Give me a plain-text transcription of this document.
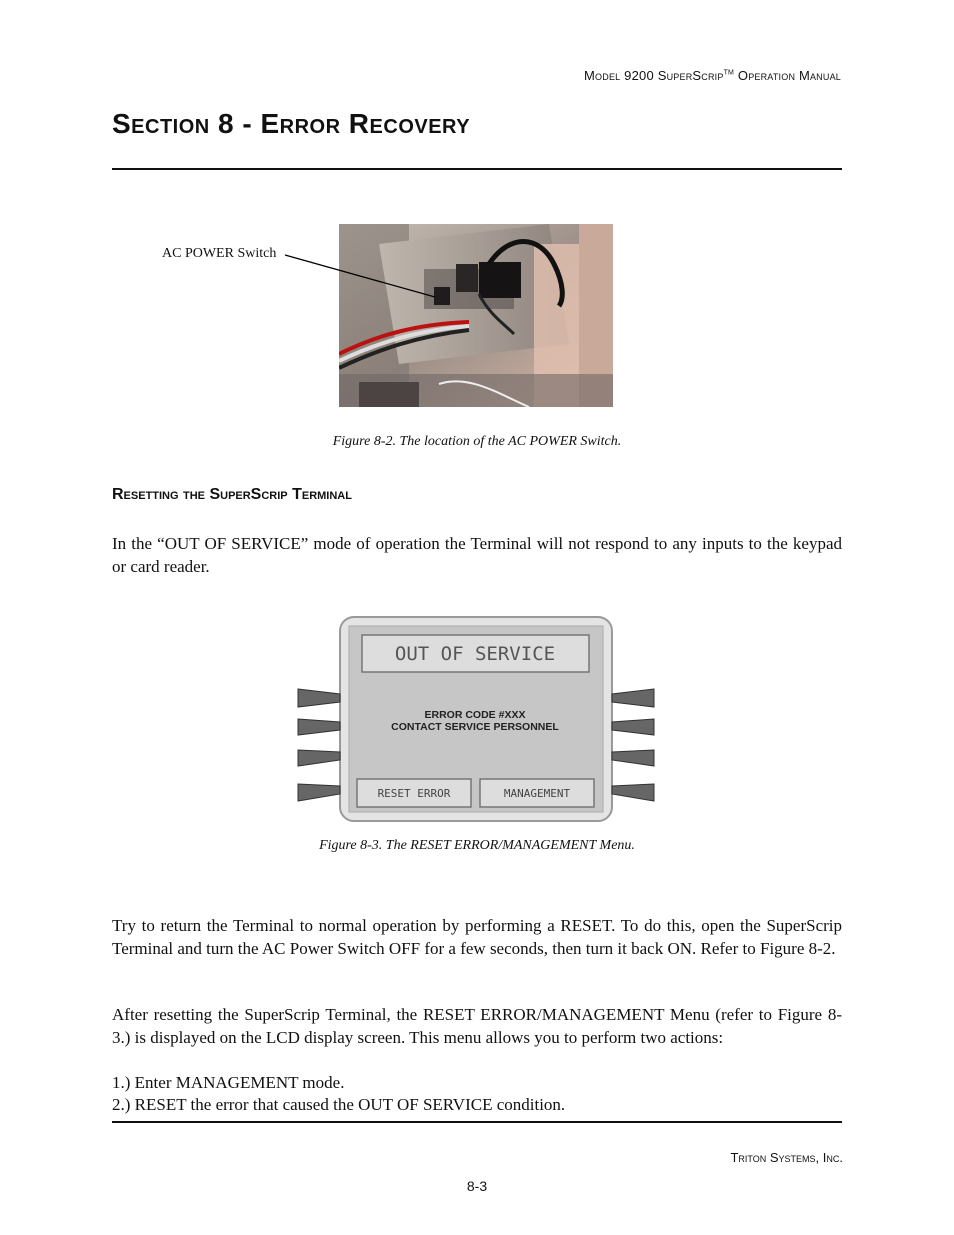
Model 9200 SuperScrip™ Operation Manual
Section 8 - Error Recovery
AC POWER Switch
Figure 8-2. The location of the AC POWER Switch.
Resetting the SuperScrip Terminal
In the “OUT OF SERVICE” mode of operation the Terminal will not respond to any inputs to the keypad or card reader.
OUT OF SERVICE
ERROR CODE #XXX
CONTACT SERVICE PERSONNEL
RESET ERROR	MANAGEMENT
Figure 8-3. The RESET ERROR/MANAGEMENT Menu.
Try to return the Terminal to normal operation by performing a RESET. To do this, open the SuperScrip Terminal and turn the AC Power Switch OFF for a few seconds, then turn it back ON. Refer to Figure 8-2.
After resetting the SuperScrip Terminal, the RESET ERROR/MANAGEMENT Menu (refer to Figure 8-3.) is displayed on the LCD display screen. This menu allows you to perform two actions:
1.) Enter MANAGEMENT mode.
2.) RESET the error that caused the OUT OF SERVICE condition.
Triton Systems, Inc.
8-3
